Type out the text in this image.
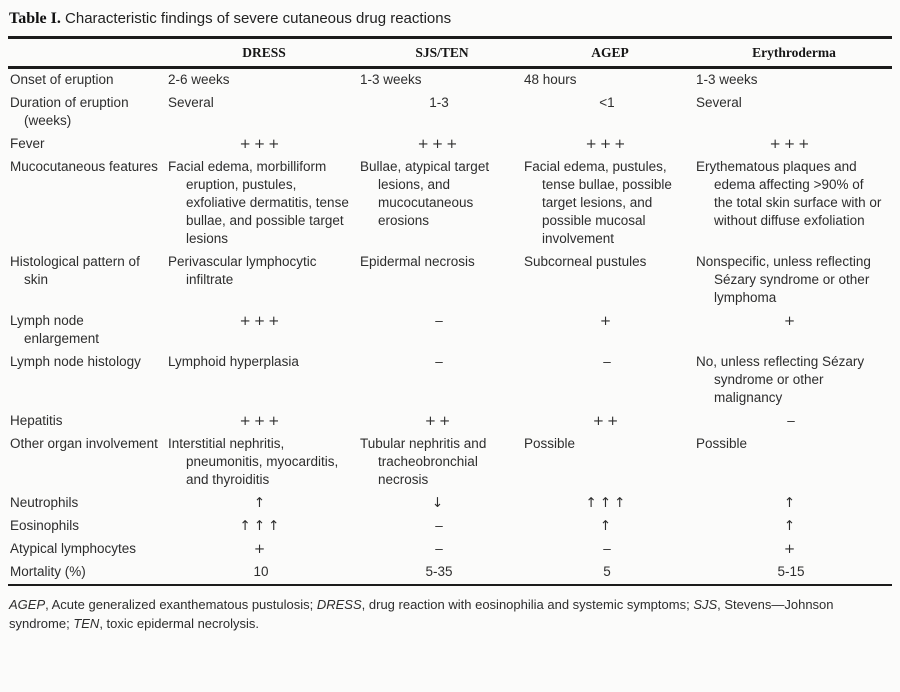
Table I. Characteristic findings of severe cutaneous drug reactions
	DRESS	SJS/TEN	AGEP	Erythroderma
Onset of eruption	2-6 weeks	1-3 weeks	48 hours	1-3 weeks
Duration of eruption (weeks)	Several	1-3	<1	Several
Fever	+++	+++	+++	+++
Mucocutaneous features	Facial edema, morbilliform eruption, pustules, exfoliative dermatitis, tense bullae, and possible target lesions	Bullae, atypical target lesions, and mucocutaneous erosions	Facial edema, pustules, tense bullae, possible target lesions, and possible mucosal involvement	Erythematous plaques and edema affecting >90% of the total skin surface with or without diffuse exfoliation
Histological pattern of skin	Perivascular lymphocytic infiltrate	Epidermal necrosis	Subcorneal pustules	Nonspecific, unless reflecting Sézary syndrome or other lymphoma
Lymph node enlargement	+++	–	+	+
Lymph node histology	Lymphoid hyperplasia	–	–	No, unless reflecting Sézary syndrome or other malignancy
Hepatitis	+++	++	++	–
Other organ involvement	Interstitial nephritis, pneumonitis, myocarditis, and thyroiditis	Tubular nephritis and tracheobronchial necrosis	Possible	Possible
Neutrophils	↑	↓	↑↑↑	↑
Eosinophils	↑↑↑	–	↑	↑
Atypical lymphocytes	+	–	–	+
Mortality (%)	10	5-35	5	5-15
AGEP, Acute generalized exanthematous pustulosis; DRESS, drug reaction with eosinophilia and systemic symptoms; SJS, Stevens—Johnson syndrome; TEN, toxic epidermal necrolysis.
